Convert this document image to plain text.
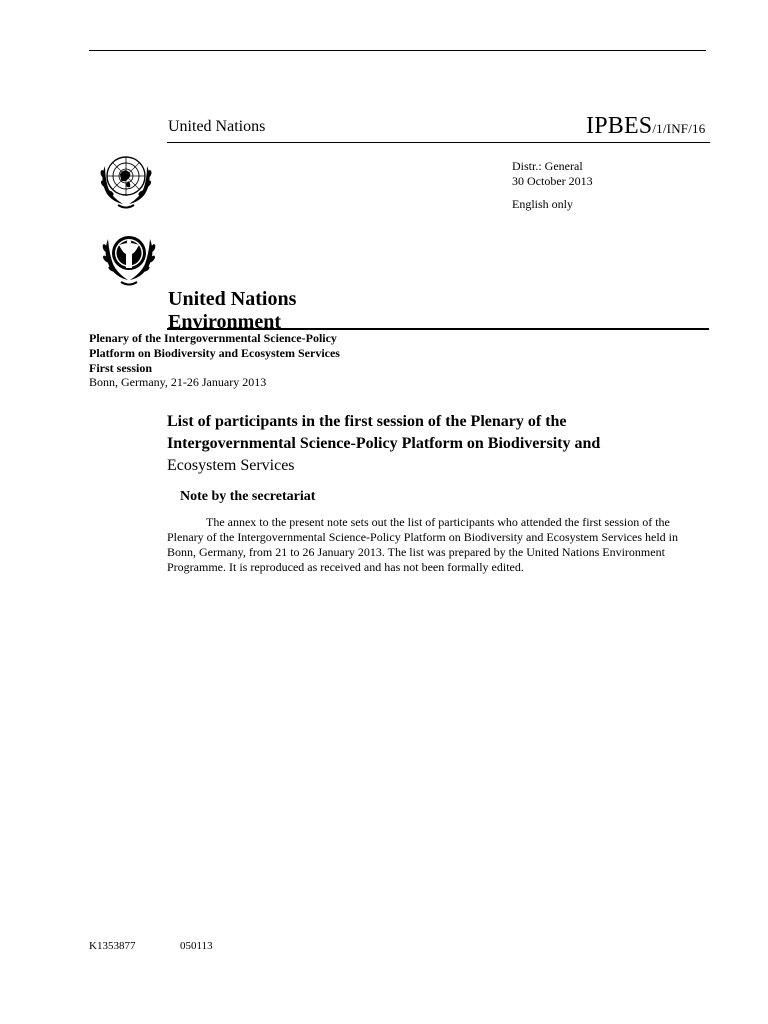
United Nations	IPBES/1/INF/16
Distr.: General
30 October 2013
English only
United Nations
Environment
Plenary of the Intergovernmental Science-Policy
Platform on Biodiversity and Ecosystem Services
First session
Bonn, Germany, 21-26 January 2013
List of participants in the first session of the Plenary of the
Intergovernmental Science-Policy Platform on Biodiversity and
Ecosystem Services
Note by the secretariat
The annex to the present note sets out the list of participants who attended the first session of the
Plenary of the Intergovernmental Science-Policy Platform on Biodiversity and Ecosystem Services held in
Bonn, Germany, from 21 to 26 January 2013. The list was prepared by the United Nations Environment
Programme. It is reproduced as received and has not been formally edited.
K1353877	050113
